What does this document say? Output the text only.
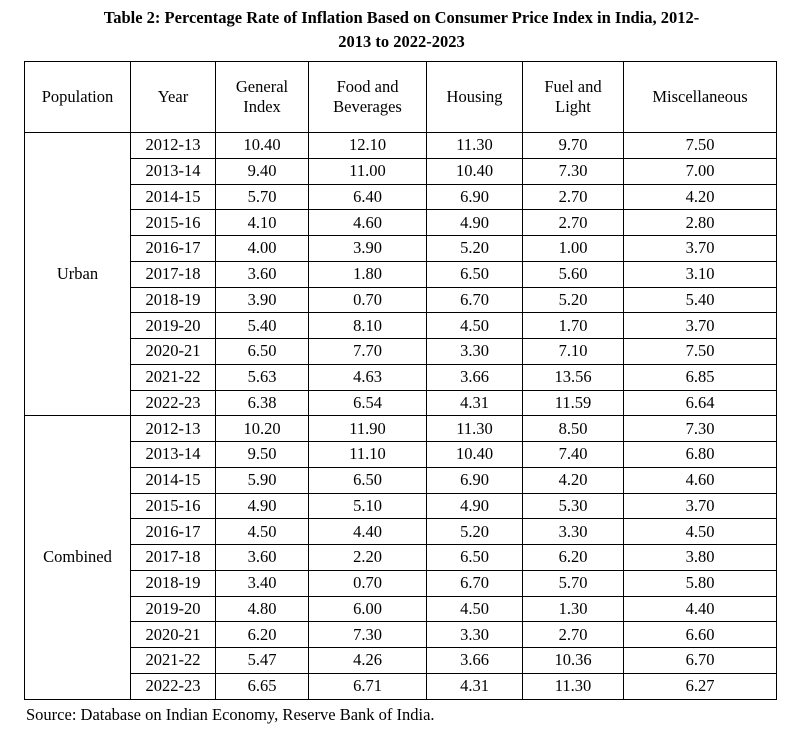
Table 2: Percentage Rate of Inflation Based on Consumer Price Index in India, 2012-
2013 to 2022-2023
Population	Year	General Index	Food and Beverages	Housing	Fuel and Light	Miscellaneous
Urban	2012-13	10.40	12.10	11.30	9.70	7.50
	2013-14	9.40	11.00	10.40	7.30	7.00
	2014-15	5.70	6.40	6.90	2.70	4.20
	2015-16	4.10	4.60	4.90	2.70	2.80
	2016-17	4.00	3.90	5.20	1.00	3.70
	2017-18	3.60	1.80	6.50	5.60	3.10
	2018-19	3.90	0.70	6.70	5.20	5.40
	2019-20	5.40	8.10	4.50	1.70	3.70
	2020-21	6.50	7.70	3.30	7.10	7.50
	2021-22	5.63	4.63	3.66	13.56	6.85
	2022-23	6.38	6.54	4.31	11.59	6.64
Combined	2012-13	10.20	11.90	11.30	8.50	7.30
	2013-14	9.50	11.10	10.40	7.40	6.80
	2014-15	5.90	6.50	6.90	4.20	4.60
	2015-16	4.90	5.10	4.90	5.30	3.70
	2016-17	4.50	4.40	5.20	3.30	4.50
	2017-18	3.60	2.20	6.50	6.20	3.80
	2018-19	3.40	0.70	6.70	5.70	5.80
	2019-20	4.80	6.00	4.50	1.30	4.40
	2020-21	6.20	7.30	3.30	2.70	6.60
	2021-22	5.47	4.26	3.66	10.36	6.70
	2022-23	6.65	6.71	4.31	11.30	6.27
Source: Database on Indian Economy, Reserve Bank of India.
